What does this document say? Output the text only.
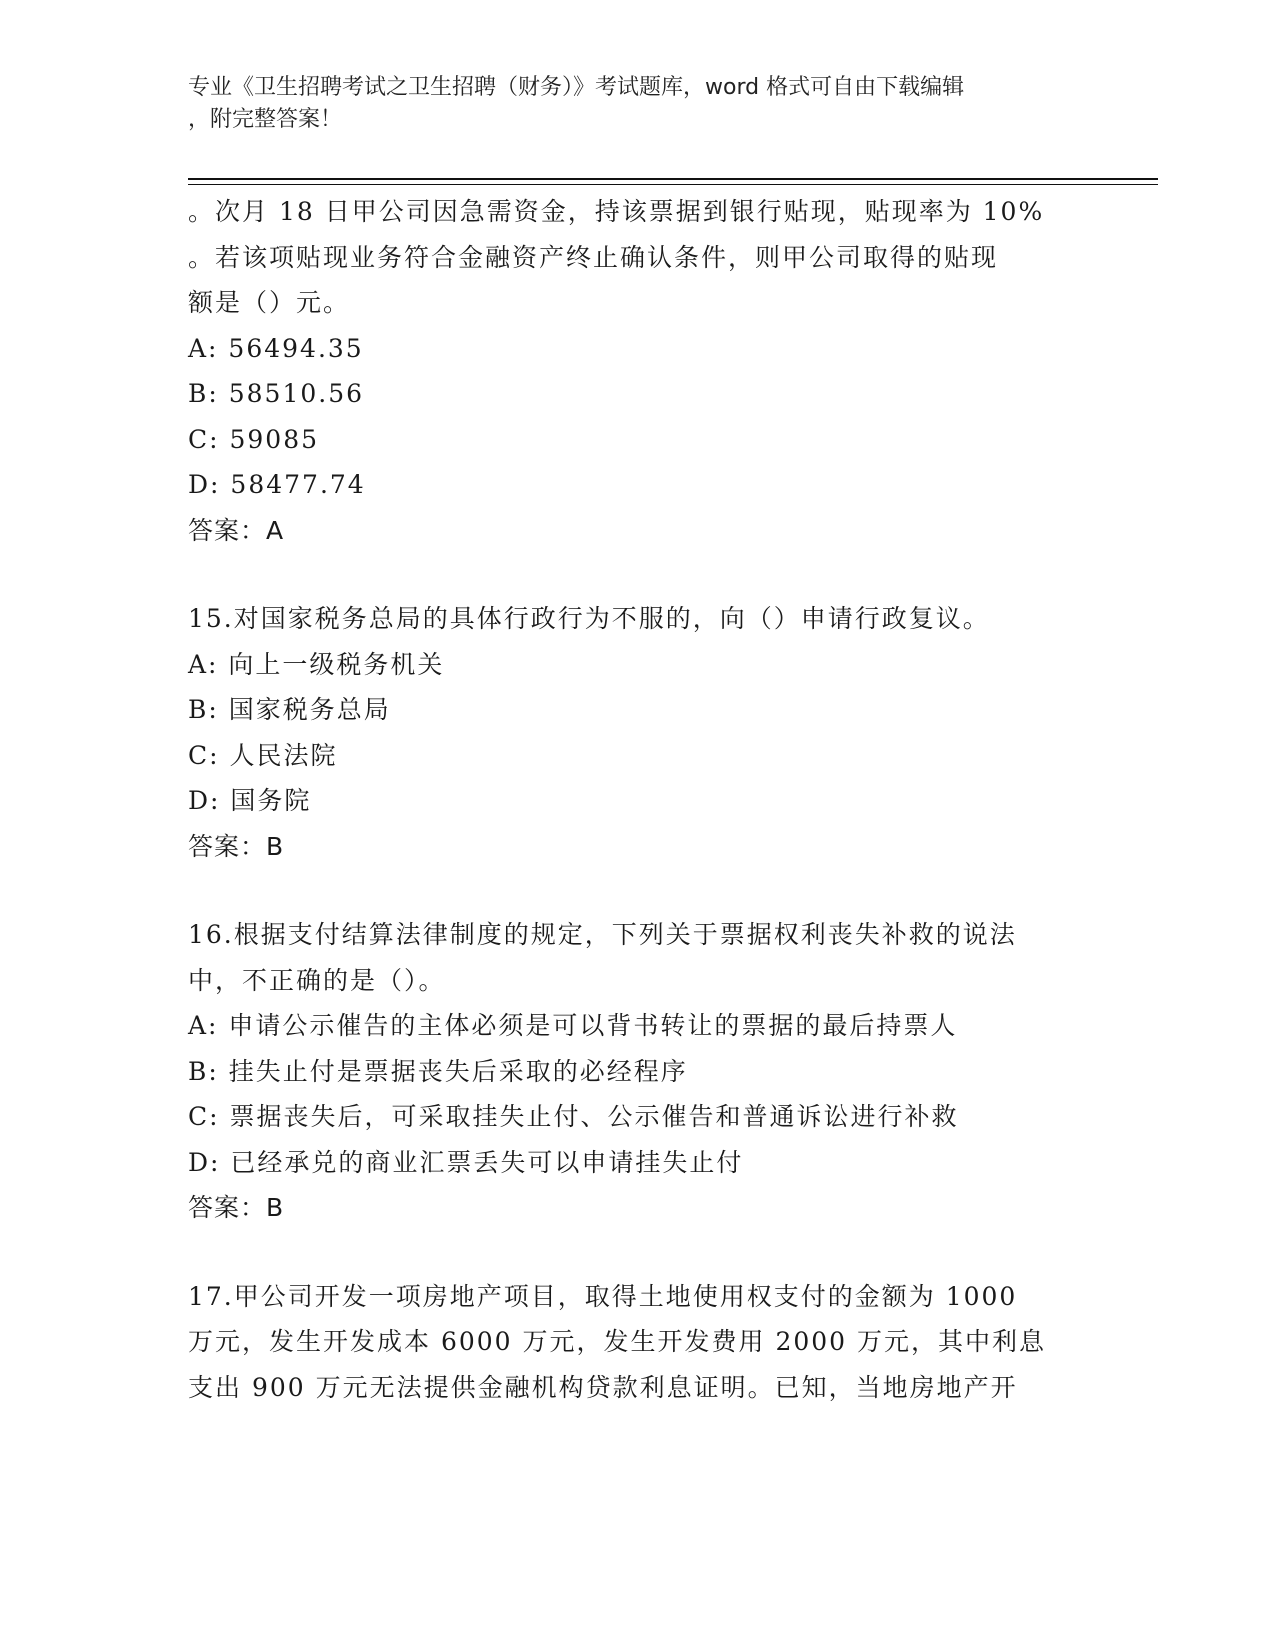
专业《卫生招聘考试之卫生招聘（财务）》考试题库，word 格式可自由下载编辑
，附完整答案！
。次月 18 日甲公司因急需资金，持该票据到银行贴现，贴现率为 10%
。若该项贴现业务符合金融资产终止确认条件，则甲公司取得的贴现
额是（）元。
A: 56494.35
B: 58510.56
C: 59085
D: 58477.74
答案：A
15.对国家税务总局的具体行政行为不服的，向（）申请行政复议。
A: 向上一级税务机关
B: 国家税务总局
C: 人民法院
D: 国务院
答案：B
16.根据支付结算法律制度的规定，下列关于票据权利丧失补救的说法
中，不正确的是（）。
A: 申请公示催告的主体必须是可以背书转让的票据的最后持票人
B: 挂失止付是票据丧失后采取的必经程序
C: 票据丧失后，可采取挂失止付、公示催告和普通诉讼进行补救
D: 已经承兑的商业汇票丢失可以申请挂失止付
答案：B
17.甲公司开发一项房地产项目，取得土地使用权支付的金额为 1000
万元，发生开发成本 6000 万元，发生开发费用 2000 万元，其中利息
支出 900 万元无法提供金融机构贷款利息证明。已知，当地房地产开
